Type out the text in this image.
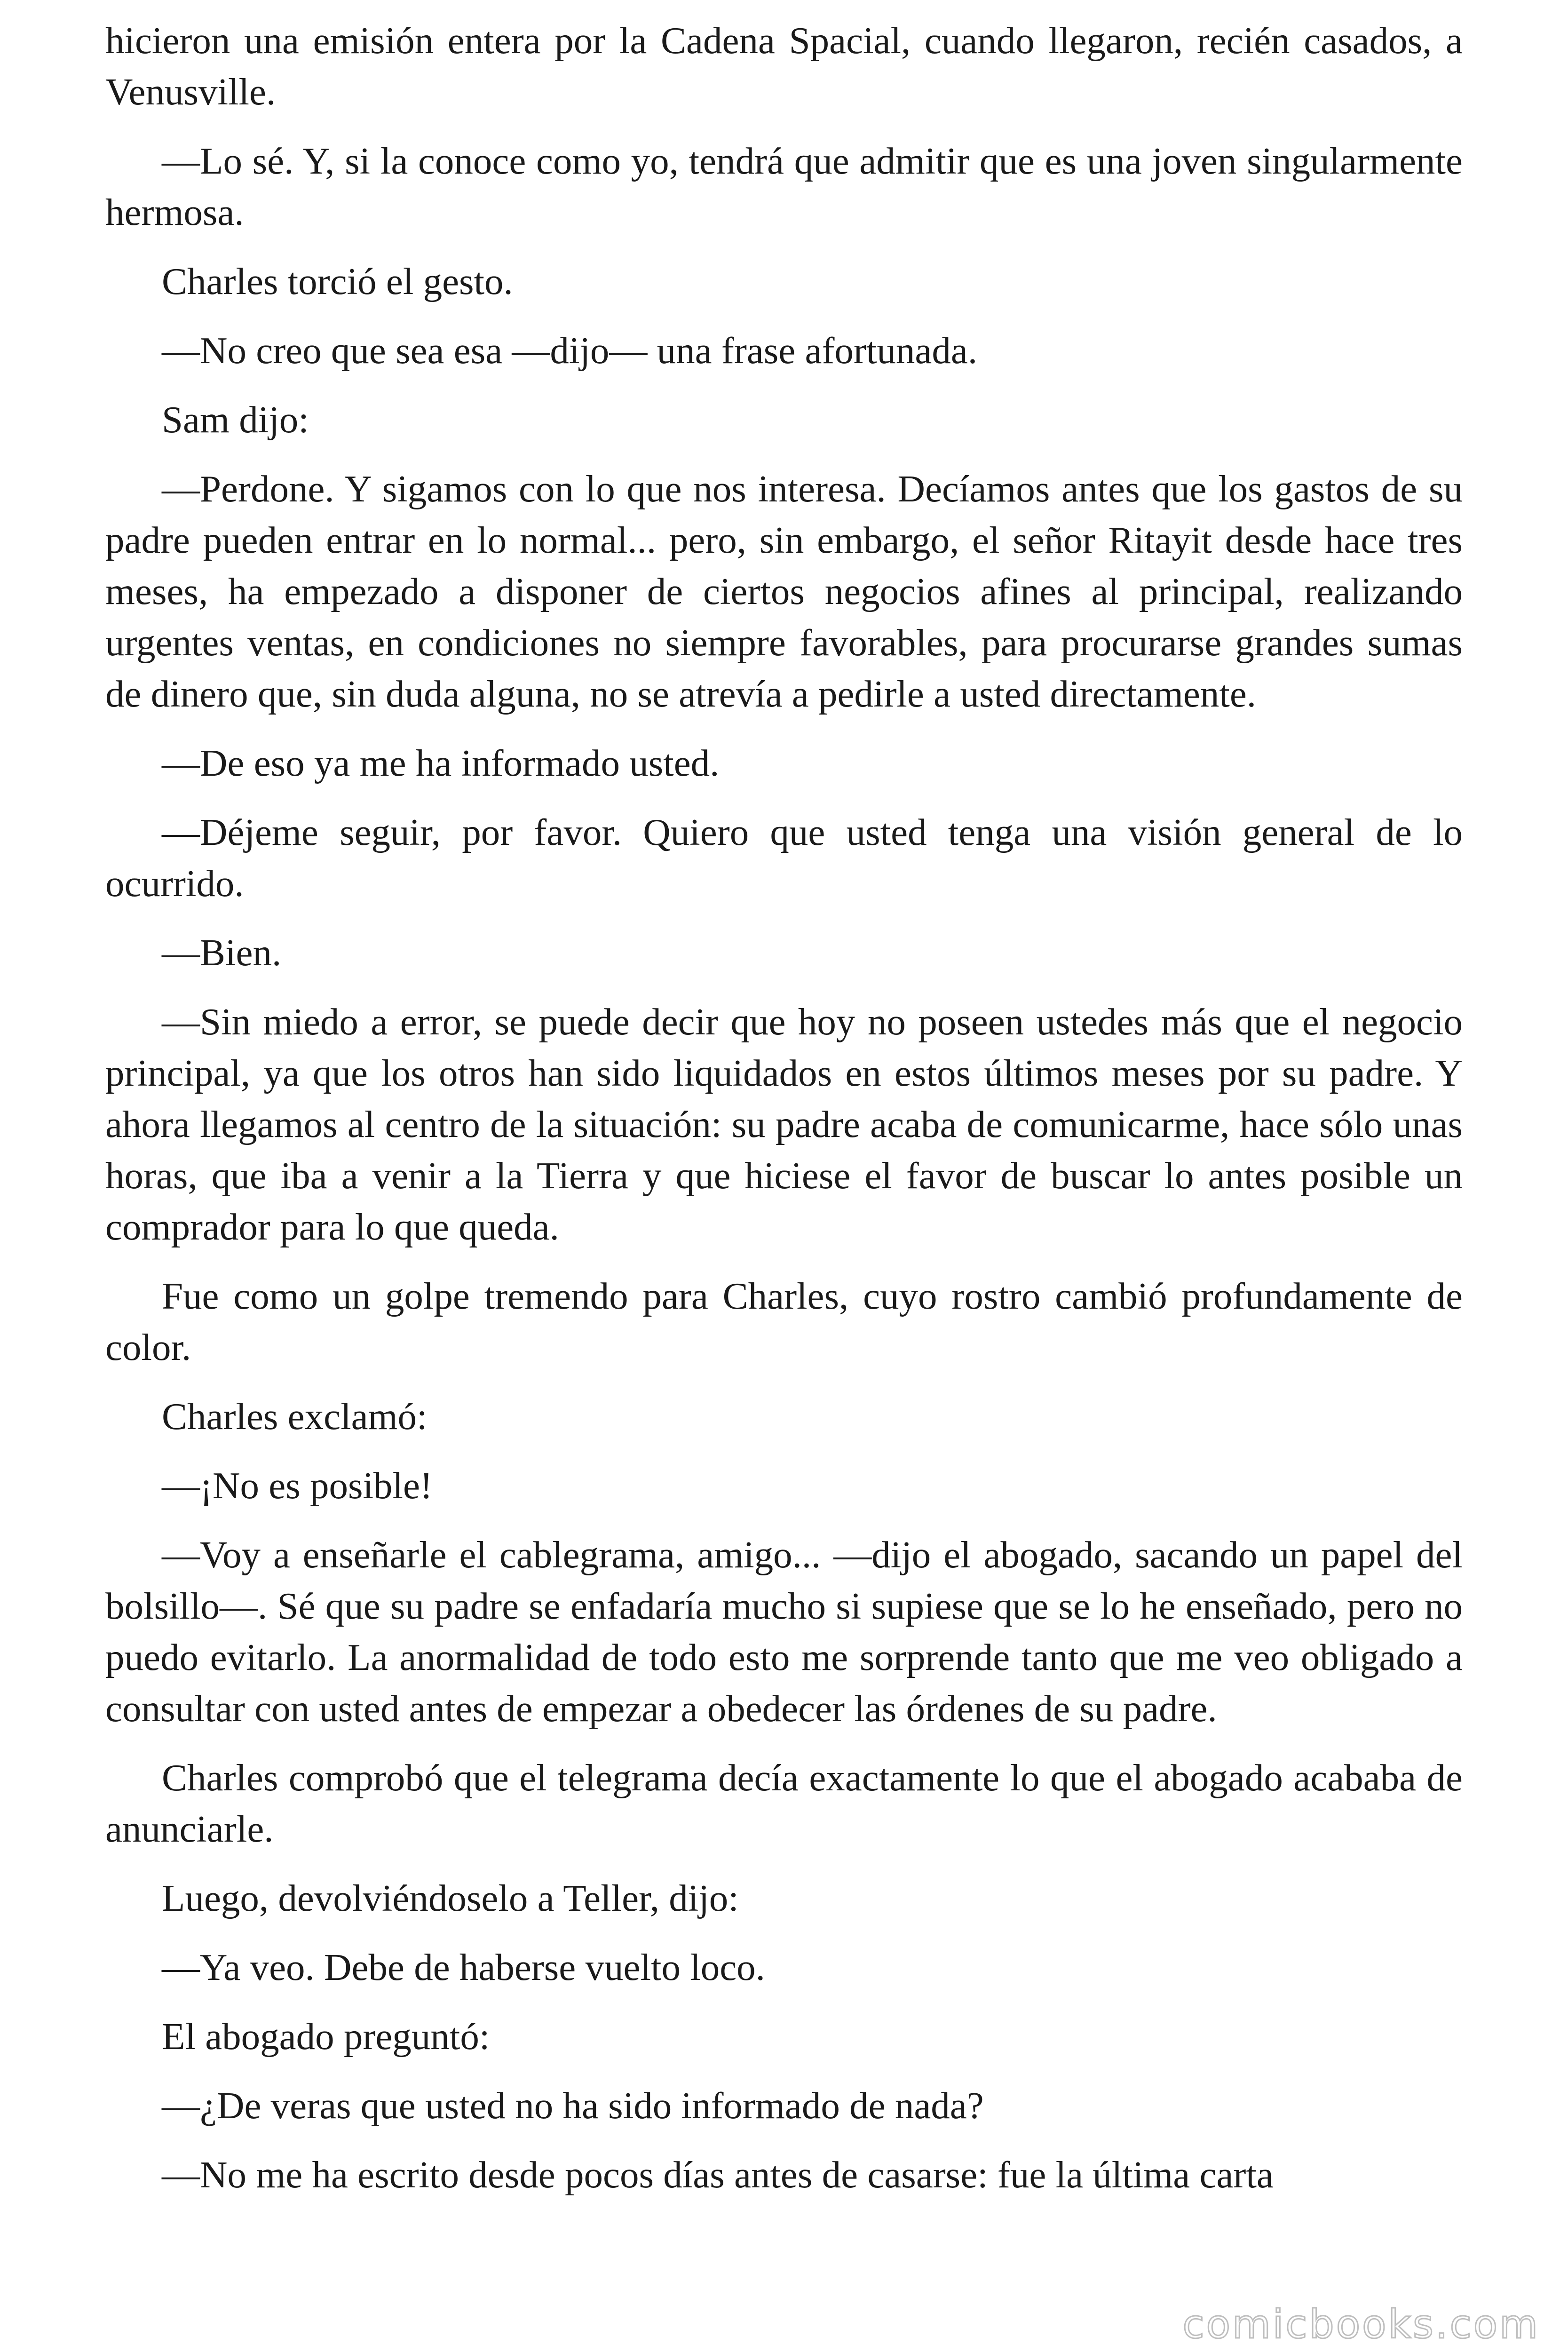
hicieron una emisión entera por la Cadena Spacial, cuando llegaron, recién casados, a Venusville.

—Lo sé. Y, si la conoce como yo, tendrá que admitir que es una joven singularmente hermosa.

Charles torció el gesto.

—No creo que sea esa —dijo— una frase afortunada.

Sam dijo:

—Perdone. Y sigamos con lo que nos interesa. Decíamos antes que los gastos de su padre pueden entrar en lo normal... pero, sin embargo, el señor Ritayit desde hace tres meses, ha empezado a disponer de ciertos negocios afines al principal, realizando urgentes ventas, en condiciones no siempre favorables, para procurarse grandes sumas de dinero que, sin duda alguna, no se atrevía a pedirle a usted directamente.

—De eso ya me ha informado usted.

—Déjeme seguir, por favor. Quiero que usted tenga una visión general de lo ocurrido.

—Bien.

—Sin miedo a error, se puede decir que hoy no poseen ustedes más que el negocio principal, ya que los otros han sido liquidados en estos últimos meses por su padre. Y ahora llegamos al centro de la situación: su padre acaba de comunicarme, hace sólo unas horas, que iba a venir a la Tierra y que hiciese el favor de buscar lo antes posible un comprador para lo que queda.

Fue como un golpe tremendo para Charles, cuyo rostro cambió profundamente de color.

Charles exclamó:

—¡No es posible!

—Voy a enseñarle el cablegrama, amigo... —dijo el abogado, sacando un papel del bolsillo—. Sé que su padre se enfadaría mucho si supiese que se lo he enseñado, pero no puedo evitarlo. La anormalidad de todo esto me sorprende tanto que me veo obligado a consultar con usted antes de empezar a obedecer las órdenes de su padre.

Charles comprobó que el telegrama decía exactamente lo que el abogado acababa de anunciarle.

Luego, devolviéndoselo a Teller, dijo:

—Ya veo. Debe de haberse vuelto loco.

El abogado preguntó:

—¿De veras que usted no ha sido informado de nada?

—No me ha escrito desde pocos días antes de casarse: fue la última carta

comicbooks.com
